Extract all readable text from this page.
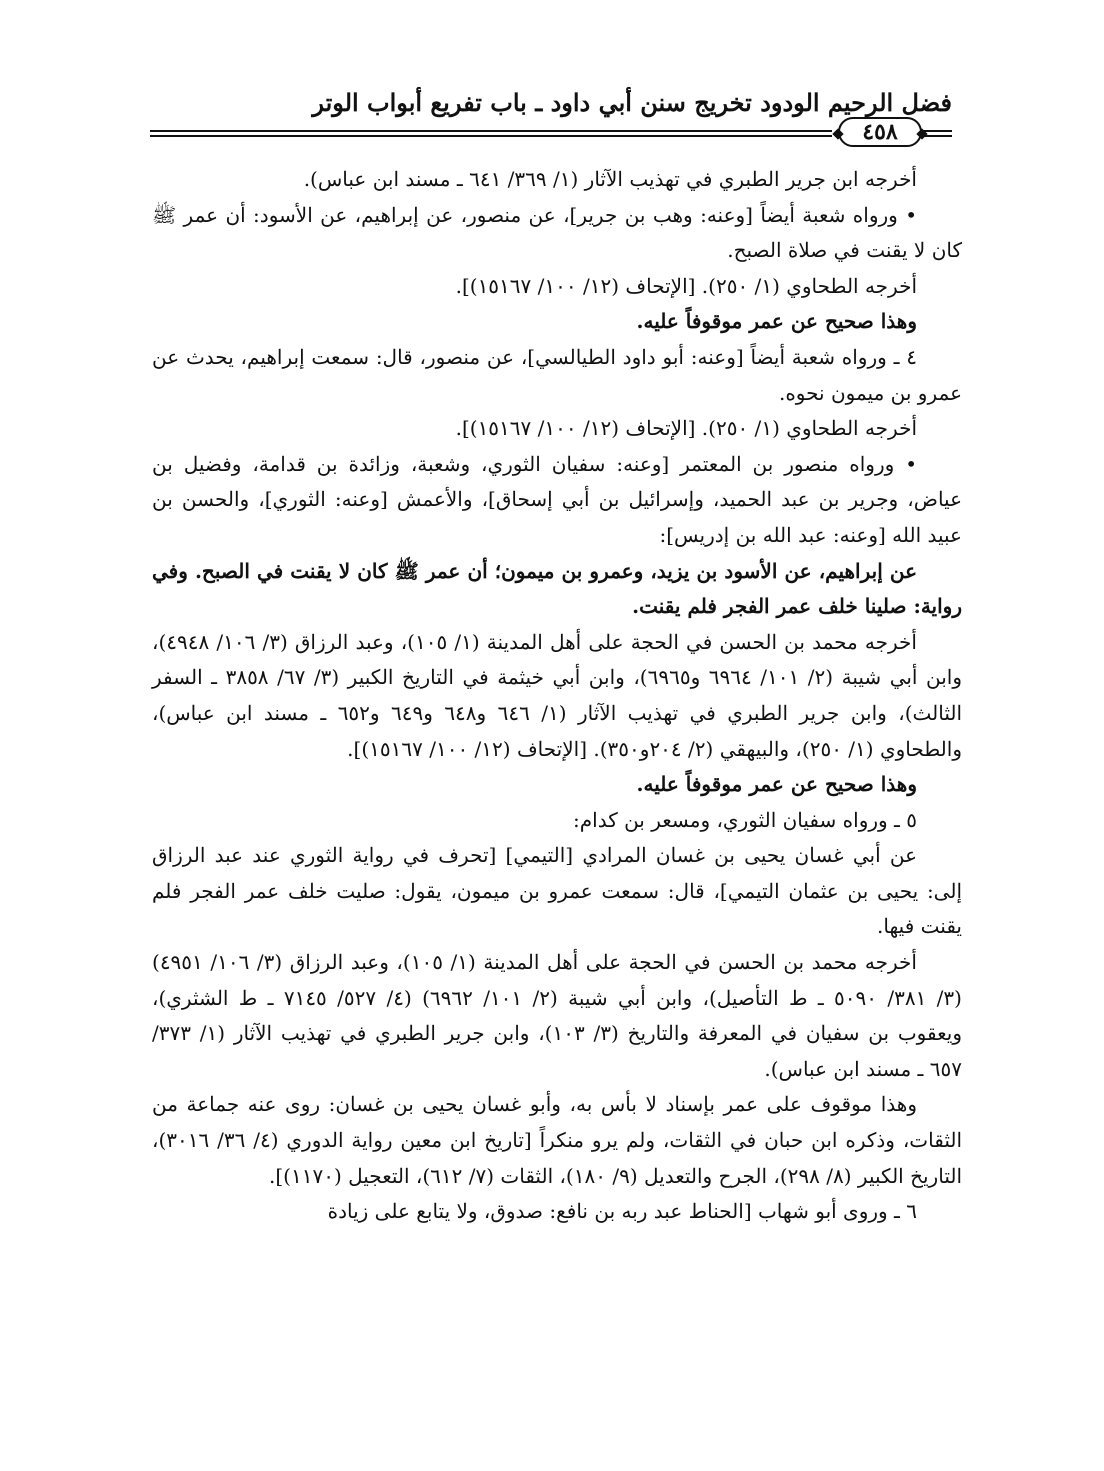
فضل الرحيم الودود تخريج سنن أبي داود ـ باب تفريع أبواب الوتر
٤٥٨

أخرجه ابن جرير الطبري في تهذيب الآثار (١/ ٣٦٩/ ٦٤١ ـ مسند ابن عباس).

• ورواه شعبة أيضاً [وعنه: وهب بن جرير]، عن منصور، عن إبراهيم، عن الأسود: أن عمر ﷺ كان لا يقنت في صلاة الصبح.

أخرجه الطحاوي (١/ ٢٥٠). [الإتحاف (١٢/ ١٠٠/ ١٥١٦٧)].

وهذا صحيح عن عمر موقوفاً عليه.

٤ ـ ورواه شعبة أيضاً [وعنه: أبو داود الطيالسي]، عن منصور، قال: سمعت إبراهيم، يحدث عن عمرو بن ميمون نحوه.

أخرجه الطحاوي (١/ ٢٥٠). [الإتحاف (١٢/ ١٠٠/ ١٥١٦٧)].

• ورواه منصور بن المعتمر [وعنه: سفيان الثوري، وشعبة، وزائدة بن قدامة، وفضيل بن عياض، وجرير بن عبد الحميد، وإسرائيل بن أبي إسحاق]، والأعمش [وعنه: الثوري]، والحسن بن عبيد الله [وعنه: عبد الله بن إدريس]:

عن إبراهيم، عن الأسود بن يزيد، وعمرو بن ميمون؛ أن عمر ﷺ كان لا يقنت في الصبح. وفي رواية: صلينا خلف عمر الفجر فلم يقنت.

أخرجه محمد بن الحسن في الحجة على أهل المدينة (١/ ١٠٥)، وعبد الرزاق (٣/ ١٠٦/ ٤٩٤٨)، وابن أبي شيبة (٢/ ١٠١/ ٦٩٦٤ و٦٩٦٥)، وابن أبي خيثمة في التاريخ الكبير (٣/ ٦٧/ ٣٨٥٨ ـ السفر الثالث)، وابن جرير الطبري في تهذيب الآثار (١/ ٦٤٦ و٦٤٨ و٦٤٩ و٦٥٢ ـ مسند ابن عباس)، والطحاوي (١/ ٢٥٠)، والبيهقي (٢/ ٢٠٤و٣٥٠). [الإتحاف (١٢/ ١٠٠/ ١٥١٦٧)].

وهذا صحيح عن عمر موقوفاً عليه.

٥ ـ ورواه سفيان الثوري، ومسعر بن كدام:

عن أبي غسان يحيى بن غسان المرادي [التيمي] [تحرف في رواية الثوري عند عبد الرزاق إلى: يحيى بن عثمان التيمي]، قال: سمعت عمرو بن ميمون، يقول: صليت خلف عمر الفجر فلم يقنت فيها.

أخرجه محمد بن الحسن في الحجة على أهل المدينة (١/ ١٠٥)، وعبد الرزاق (٣/ ١٠٦/ ٤٩٥١) (٣/ ٣٨١/ ٥٠٩٠ ـ ط التأصيل)، وابن أبي شيبة (٢/ ١٠١/ ٦٩٦٢) (٤/ ٥٢٧/ ٧١٤٥ ـ ط الشثري)، ويعقوب بن سفيان في المعرفة والتاريخ (٣/ ١٠٣)، وابن جرير الطبري في تهذيب الآثار (١/ ٣٧٣/ ٦٥٧ ـ مسند ابن عباس).

وهذا موقوف على عمر بإسناد لا بأس به، وأبو غسان يحيى بن غسان: روى عنه جماعة من الثقات، وذكره ابن حبان في الثقات، ولم يرو منكراً [تاريخ ابن معين رواية الدوري (٤/ ٣٦/ ٣٠١٦)، التاريخ الكبير (٨/ ٢٩٨)، الجرح والتعديل (٩/ ١٨٠)، الثقات (٧/ ٦١٢)، التعجيل (١١٧٠)].

٦ ـ وروى أبو شهاب [الحناط عبد ربه بن نافع: صدوق، ولا يتابع على زيادة
